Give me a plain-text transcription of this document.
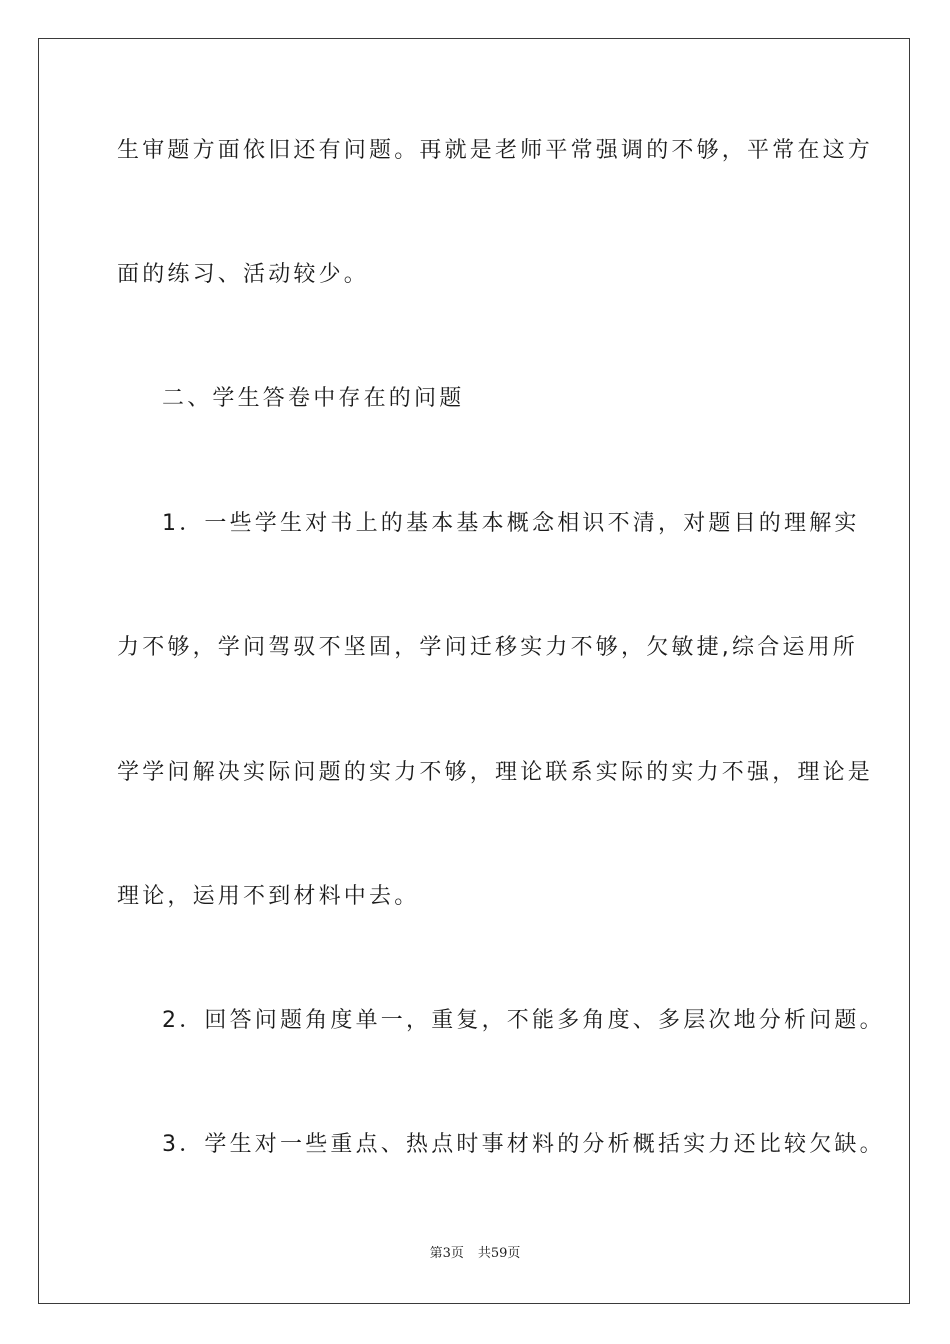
生审题方面依旧还有问题。再就是老师平常强调的不够，平常在这方
面的练习、活动较少。
二、学生答卷中存在的问题
1．一些学生对书上的基本基本概念相识不清，对题目的理解实
力不够，学问驾驭不坚固，学问迁移实力不够，欠敏捷,综合运用所
学学问解决实际问题的实力不够，理论联系实际的实力不强，理论是
理论，运用不到材料中去。
2．回答问题角度单一，重复，不能多角度、多层次地分析问题。
3．学生对一些重点、热点时事材料的分析概括实力还比较欠缺。
第3页 共59页
